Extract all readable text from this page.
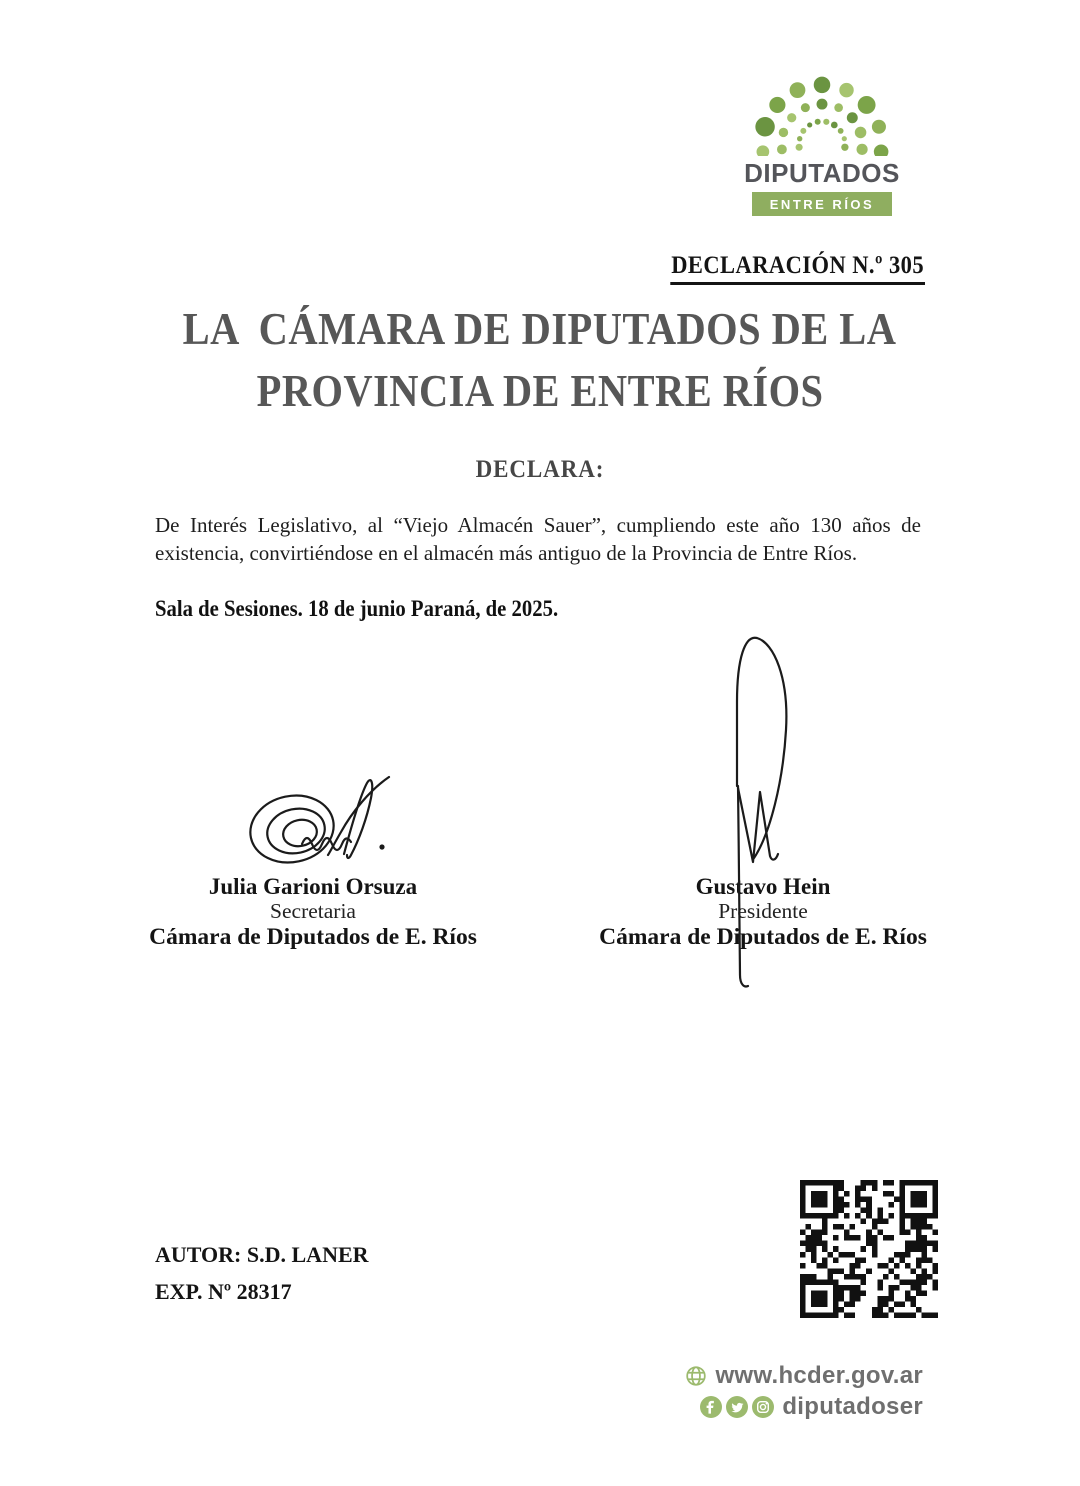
DIPUTADOS
ENTRE RÍOS
DECLARACIÓN N.º 305
LA  CÁMARA DE DIPUTADOS DE LA
PROVINCIA DE ENTRE RÍOS
DECLARA:
De Interés Legislativo, al “Viejo Almacén Sauer”, cumpliendo este año 130 años de
existencia, convirtiéndose en el almacén más antiguo de la Provincia de Entre Ríos.
Sala de Sesiones. 18 de junio Paraná, de 2025.
Julia Garioni Orsuza
Secretaria
Cámara de Diputados de E. Ríos
Gustavo Hein
Presidente
Cámara de Diputados de E. Ríos
AUTOR: S.D. LANER
EXP. Nº 28317
www.hcder.gov.ar
diputadoser
